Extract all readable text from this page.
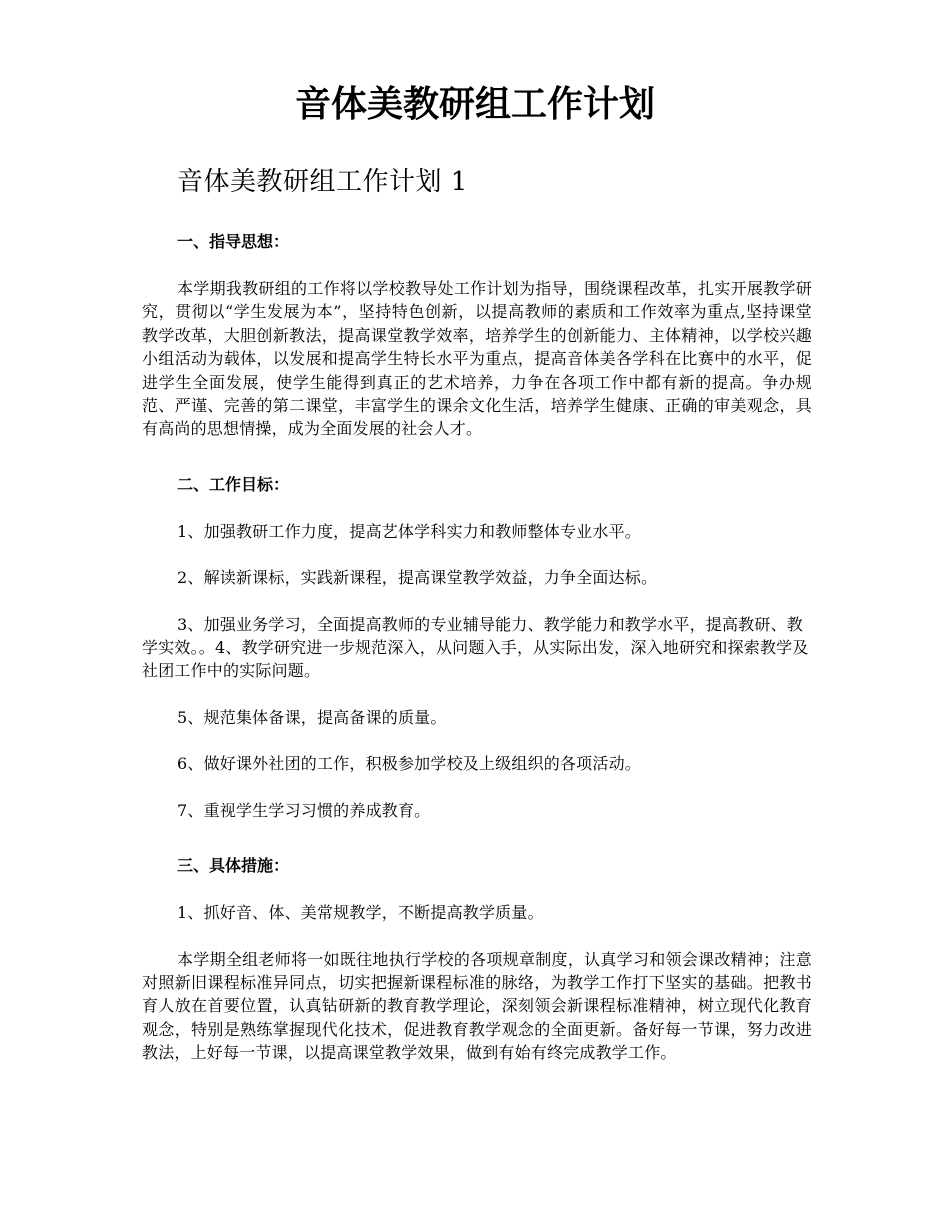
音体美教研组工作计划
音体美教研组工作计划 1
一、指导思想：

本学期我教研组的工作将以学校教导处工作计划为指导，围绕课程改革，扎实开展教学研究，贯彻以“学生发展为本”，坚持特色创新，以提高教师的素质和工作效率为重点,坚持课堂教学改革，大胆创新教法，提高课堂教学效率，培养学生的创新能力、主体精神，以学校兴趣小组活动为载体，以发展和提高学生特长水平为重点，提高音体美各学科在比赛中的水平，促进学生全面发展，使学生能得到真正的艺术培养，力争在各项工作中都有新的提高。争办规范、严谨、完善的第二课堂，丰富学生的课余文化生活，培养学生健康、正确的审美观念，具有高尚的思想情操，成为全面发展的社会人才。

二、工作目标：

1、加强教研工作力度，提高艺体学科实力和教师整体专业水平。

2、解读新课标，实践新课程，提高课堂教学效益，力争全面达标。

3、加强业务学习，全面提高教师的专业辅导能力、教学能力和教学水平，提高教研、教学实效。。4、教学研究进一步规范深入，从问题入手，从实际出发，深入地研究和探索教学及社团工作中的实际问题。

5、规范集体备课，提高备课的质量。

6、做好课外社团的工作，积极参加学校及上级组织的各项活动。

7、重视学生学习习惯的养成教育。

三、具体措施：

1、抓好音、体、美常规教学，不断提高教学质量。

本学期全组老师将一如既往地执行学校的各项规章制度，认真学习和领会课改精神；注意对照新旧课程标准异同点，切实把握新课程标准的脉络，为教学工作打下坚实的基础。把教书育人放在首要位置，认真钻研新的教育教学理论，深刻领会新课程标准精神，树立现代化教育观念，特别是熟练掌握现代化技术，促进教育教学观念的全面更新。备好每一节课，努力改进教法，上好每一节课，以提高课堂教学效果，做到有始有终完成教学工作。
